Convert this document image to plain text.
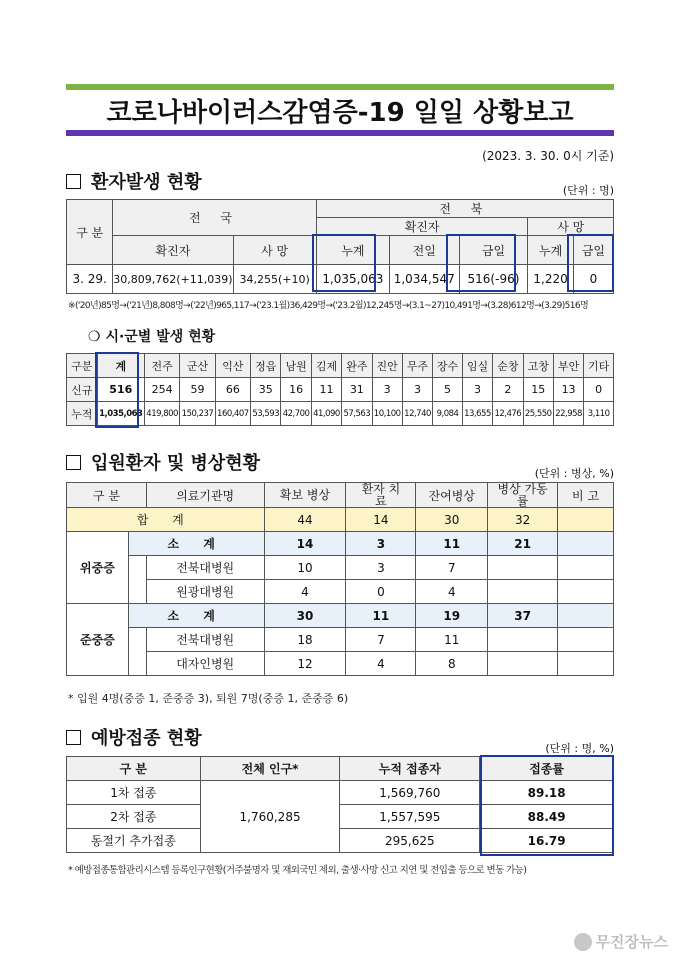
코로나바이러스감염증-19 일일 상황보고
(2023. 3. 30. 0시 기준)
환자발생 현황	(단위 : 명)
구 분	전 국		전 북				
			확진자			사 망	
	확진자	사 망	누계	전일	금일	누계	금일
3. 29.	30,809,762(+11,039)	34,255(+10)	1,035,063	1,034,547	516(-96)	1,220	0
※('20년)85명→('21년)8,808명→('22년)965,117→('23.1월)36,429명→('23.2월)12,245명→(3.1~27)10,491명→(3.28)612명→(3.29)516명
❍ 시·군별 발생 현황
구분	계	전주	군산	익산	정읍	남원	김제	완주	진안	무주	장수	임실	순창	고창	부안	기타
신규	516	254	59	66	35	16	11	31	3	3	5	3	2	15	13	0
누적	1,035,063	419,800	150,237	160,407	53,593	42,700	41,090	57,563	10,100	12,740	9,084	13,655	12,476	25,550	22,958	3,110
입원환자 및 병상현황	(단위 : 병상, %)
구 분		의료기관명	확보 병상	환자 치료	잔여병상	병상 가동률	비 고
합 계			44	14	30	32	
위중증	소 계		14	3	11	21	
		전북대병원	10	3	7		
		원광대병원	4	0	4		
준중증	소 계		30	11	19	37	
		전북대병원	18	7	11		
		대자인병원	12	4	8		
* 입원 4명(중증 1, 준중증 3), 퇴원 7명(중증 1, 준중증 6)
예방접종 현황	(단위 : 명, %)
구 분	전체 인구*	누적 접종자	접종률
1차 접종	1,760,285	1,569,760	89.18
2차 접종		1,557,595	88.49
동절기 추가접종		295,625	16.79
* 예방접종통합관리시스템 등록인구현황(거주불명자 및 재외국민 제외, 출생·사망 신고 지연 및 전입출 등으로 변동 가능)
무진장뉴스
